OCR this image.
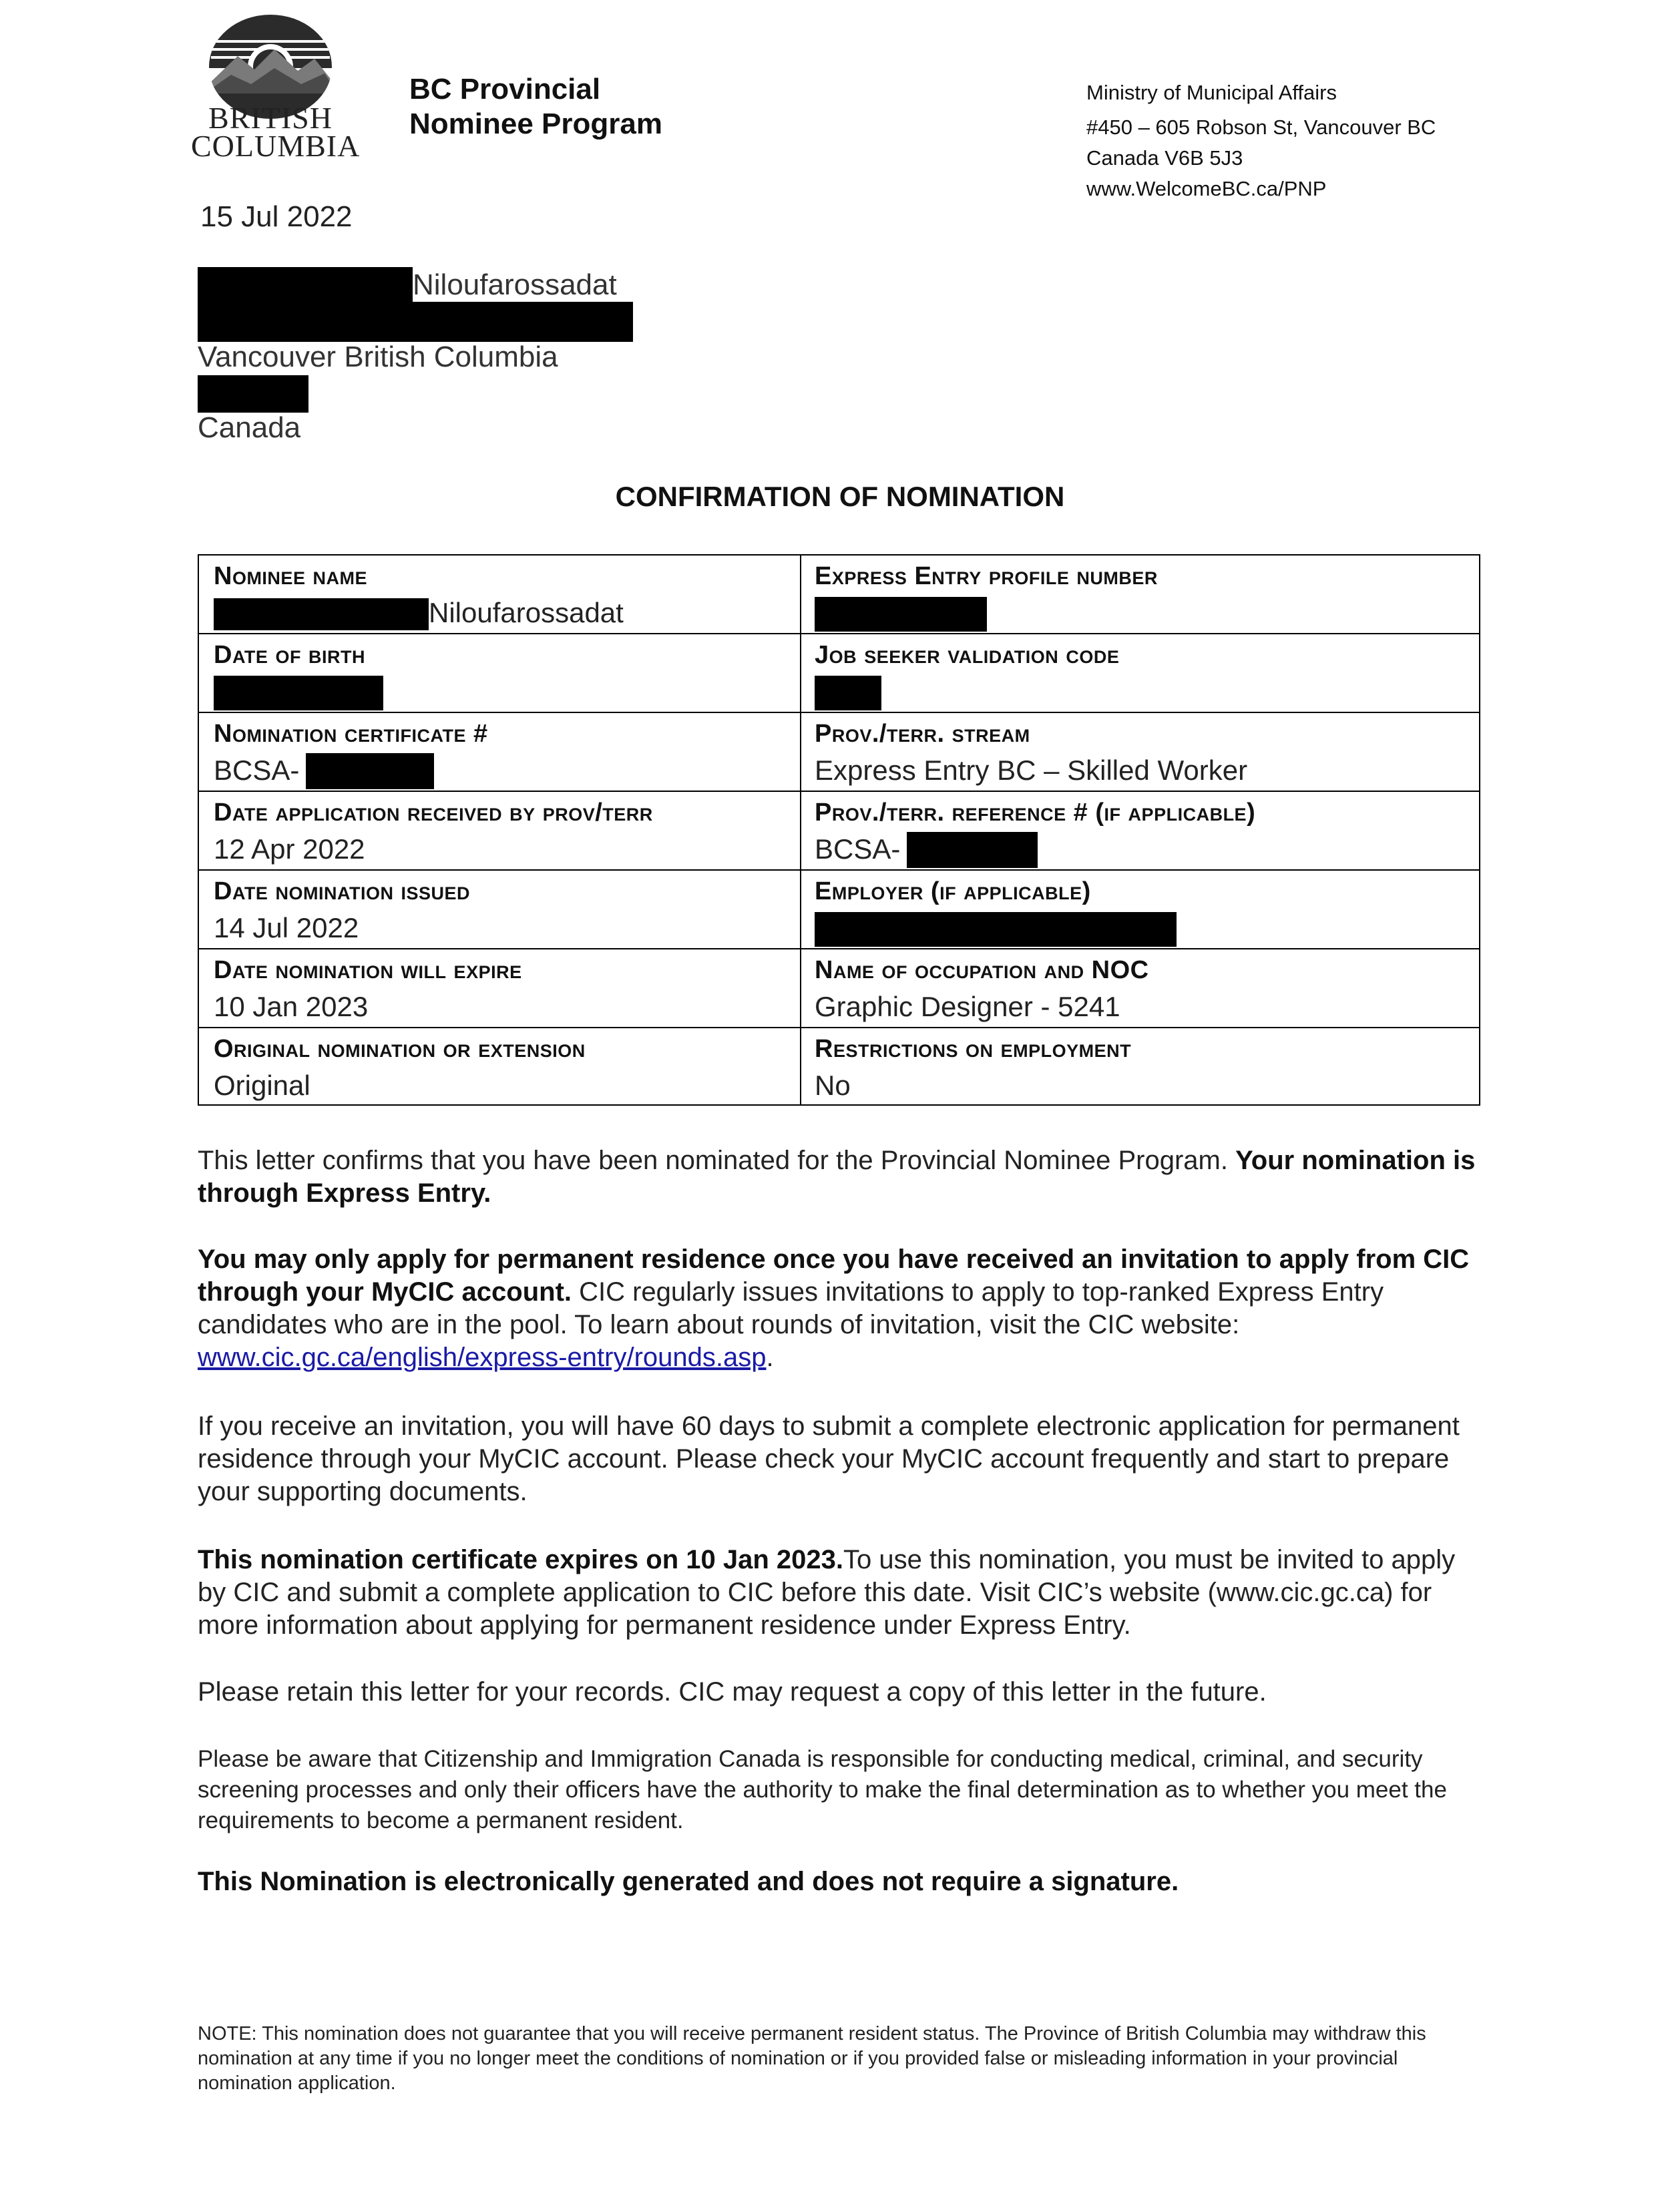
BRITISH
COLUMBIA
BC Provincial
Nominee Program
Ministry of Municipal Affairs
#450 – 605 Robson St, Vancouver BC
Canada V6B 5J3
www.WelcomeBC.ca/PNP
15 Jul 2022
Niloufarossadat
Vancouver British Columbia
Canada
CONFIRMATION OF NOMINATION
Nominee name
Niloufarossadat
Express Entry profile number
Date of birth	Job seeker validation code
Nomination certificate #
BCSA-
Prov./terr. stream
Express Entry BC – Skilled Worker
Date application received by prov/terr
12 Apr 2022
Prov./terr. reference # (if applicable)
BCSA-
Date nomination issued
14 Jul 2022
Employer (if applicable)
Date nomination will expire
10 Jan 2023
Name of occupation and NOC
Graphic Designer - 5241
Original nomination or extension
Original
Restrictions on employment
No
This letter confirms that you have been nominated for the Provincial Nominee Program. Your nomination is through Express Entry.
You may only apply for permanent residence once you have received an invitation to apply from CIC through your MyCIC account. CIC regularly issues invitations to apply to top-ranked Express Entry candidates who are in the pool. To learn about rounds of invitation, visit the CIC website: www.cic.gc.ca/english/express-entry/rounds.asp.
If you receive an invitation, you will have 60 days to submit a complete electronic application for permanent residence through your MyCIC account. Please check your MyCIC account frequently and start to prepare your supporting documents.
This nomination certificate expires on 10 Jan 2023.To use this nomination, you must be invited to apply by CIC and submit a complete application to CIC before this date. Visit CIC’s website (www.cic.gc.ca) for more information about applying for permanent residence under Express Entry.
Please retain this letter for your records. CIC may request a copy of this letter in the future.
Please be aware that Citizenship and Immigration Canada is responsible for conducting medical, criminal, and security screening processes and only their officers have the authority to make the final determination as to whether you meet the requirements to become a permanent resident.
This Nomination is electronically generated and does not require a signature.
NOTE: This nomination does not guarantee that you will receive permanent resident status. The Province of British Columbia may withdraw this nomination at any time if you no longer meet the conditions of nomination or if you provided false or misleading information in your provincial nomination application.
